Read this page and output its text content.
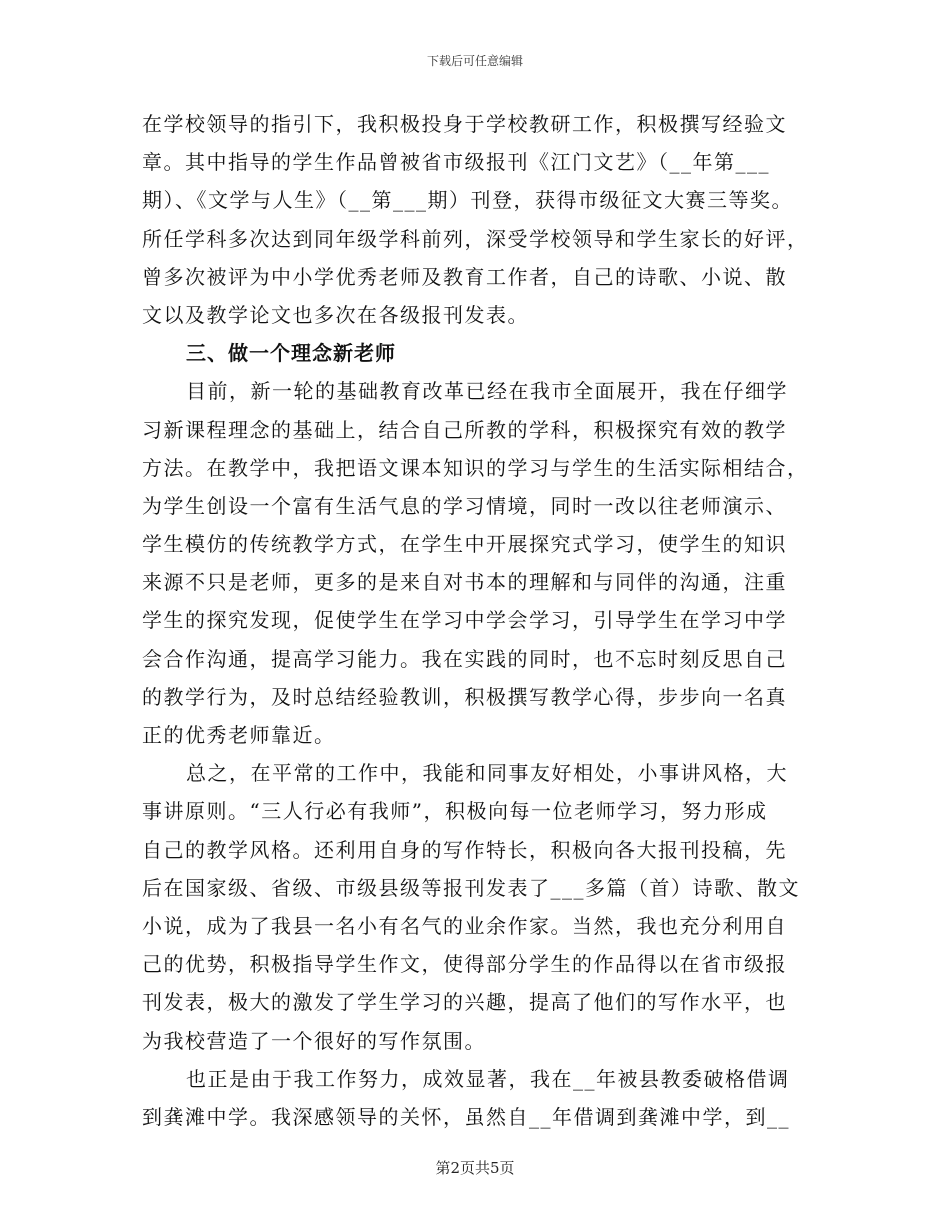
下载后可任意编辑
在学校领导的指引下，我积极投身于学校教研工作，积极撰写经验文
章。其中指导的学生作品曾被省市级报刊《江门文艺》（__年第___
期）、《文学与人生》（__第___期）刊登，获得市级征文大赛三等奖。
所任学科多次达到同年级学科前列，深受学校领导和学生家长的好评，
曾多次被评为中小学优秀老师及教育工作者，自己的诗歌、小说、散
文以及教学论文也多次在各级报刊发表。
三、做一个理念新老师
目前，新一轮的基础教育改革已经在我市全面展开，我在仔细学
习新课程理念的基础上，结合自己所教的学科，积极探究有效的教学
方法。在教学中，我把语文课本知识的学习与学生的生活实际相结合，
为学生创设一个富有生活气息的学习情境，同时一改以往老师演示、
学生模仿的传统教学方式，在学生中开展探究式学习，使学生的知识
来源不只是老师，更多的是来自对书本的理解和与同伴的沟通，注重
学生的探究发现，促使学生在学习中学会学习，引导学生在学习中学
会合作沟通，提高学习能力。我在实践的同时，也不忘时刻反思自己
的教学行为，及时总结经验教训，积极撰写教学心得，步步向一名真
正的优秀老师靠近。
总之，在平常的工作中，我能和同事友好相处，小事讲风格，大
事讲原则。“三人行必有我师”，积极向每一位老师学习，努力形成
自己的教学风格。还利用自身的写作特长，积极向各大报刊投稿，先
后在国家级、省级、市级县级等报刊发表了___多篇（首）诗歌、散文
小说，成为了我县一名小有名气的业余作家。当然，我也充分利用自
己的优势，积极指导学生作文，使得部分学生的作品得以在省市级报
刊发表，极大的激发了学生学习的兴趣，提高了他们的写作水平，也
为我校营造了一个很好的写作氛围。
也正是由于我工作努力，成效显著，我在__年被县教委破格借调
到龚滩中学。我深感领导的关怀，虽然自__年借调到龚滩中学，到__
第2页共5页
